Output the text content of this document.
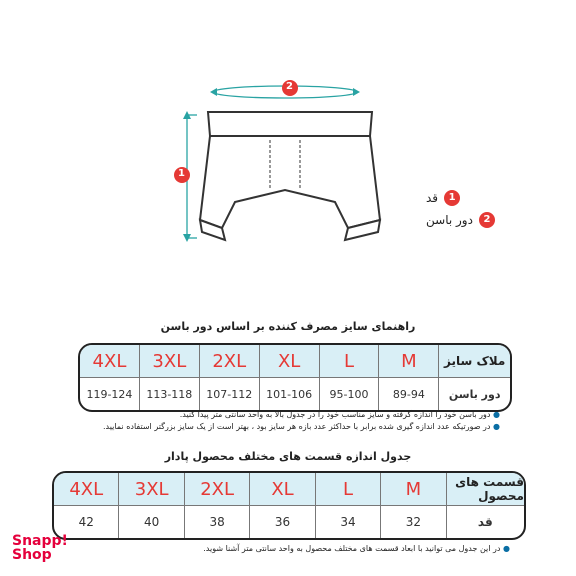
2
1
1
قد
2
دور باسن
راهنمای سایز مصرف کننده بر اساس دور باسن
4XL	3XL	2XL	XL	L	M	ملاک سایز
119-124	113-118	107-112	101-106	95-100	89-94	دور باسن
● دور باسن خود را اندازه گرفته و سایز مناسب خود را در جدول بالا به واحد سانتی متر پیدا کنید.
● در صورتیکه عدد اندازه گیری شده برابر با حداکثر عدد بازه هر سایز بود ، بهتر است از یک سایز بزرگتر استفاده نمایید.
جدول اندازه قسمت های مختلف محصول پادار
4XL	3XL	2XL	XL	L	M	قسمت های محصول
42	40	38	36	34	32	قد
● در این جدول می توانید با ابعاد قسمت های مختلف محصول به واحد سانتی متر آشنا شوید.
Snapp!
Shop
